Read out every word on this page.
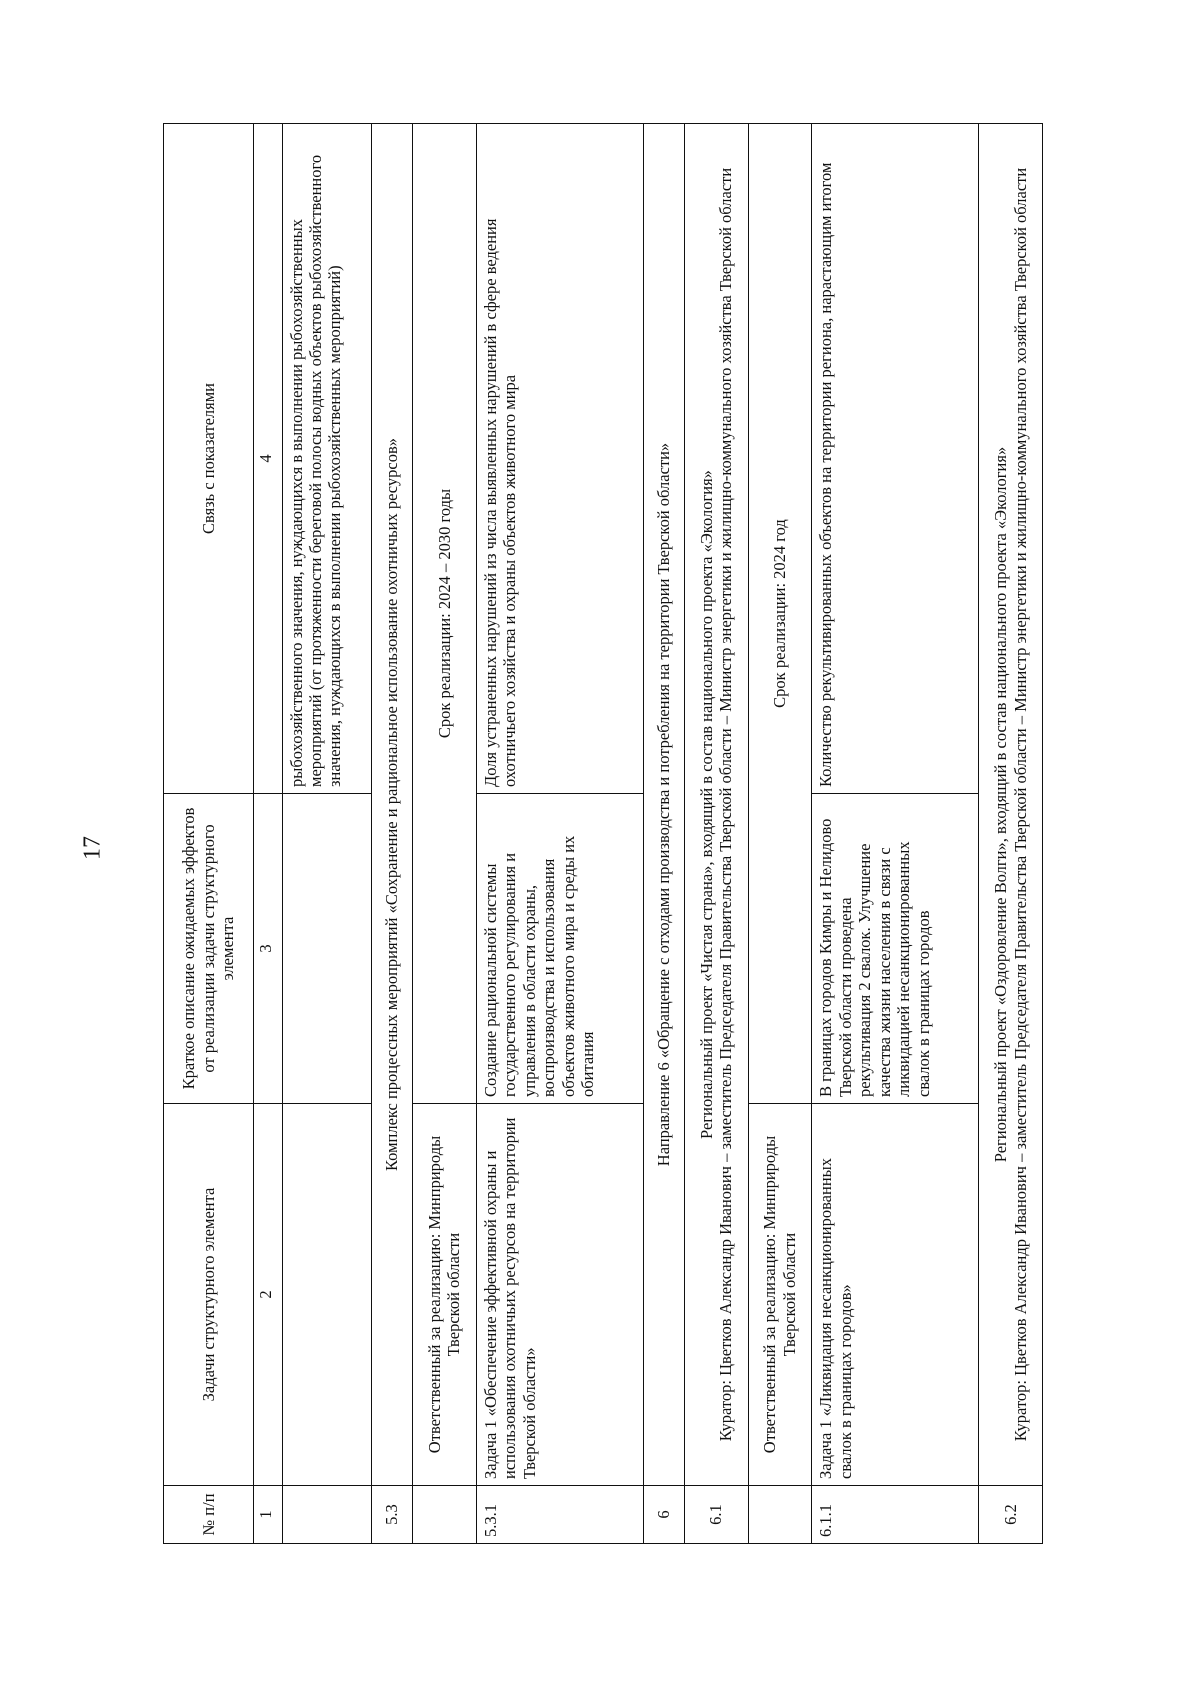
17
№ п/п	Задачи структурного элемента	Краткое описание ожидаемых эффектов от реализации задачи структурного элемента	Связь с показателями
1	2	3	4
			рыбохозяйственного значения, нуждающихся в выполнении рыбохозяйственных мероприятий (от протяженности береговой полосы водных объектов рыбохозяйственного значения, нуждающихся в выполнении рыбохозяйственных мероприятий)
5.3	Комплекс процессных мероприятий «Сохранение и рациональное использование охотничьих ресурсов»		
	Ответственный за реализацию: Минприроды Тверской области	Срок реализации: 2024 – 2030 годы	
5.3.1	Задача 1 «Обеспечение эффективной охраны и использования охотничьих ресурсов на территории Тверской области»	Создание рациональной системы государственного регулирования и управления в области охраны, воспроизводства и использования объектов животного мира и среды их обитания	Доля устраненных нарушений из числа выявленных нарушений в сфере ведения охотничьего хозяйства и охраны объектов животного мира
6	Направление 6 «Обращение с отходами производства и потребления на территории Тверской области»		
6.1	Региональный проект «Чистая страна», входящий в состав национального проекта «Экология» Куратор: Цветков Александр Иванович – заместитель Председателя Правительства Тверской области – Министр энергетики и жилищно-коммунального хозяйства Тверской области		

	Ответственный за реализацию: Минприроды Тверской области	Срок реализации: 2024 год	
6.1.1	Задача 1 «Ликвидация несанкционированных свалок в границах городов»	В границах городов Кимры и Нелидово Тверской области проведена рекультивация 2 свалок. Улучшение качества жизни населения в связи с ликвидацией несанкционированных свалок в границах городов	Количество рекультивированных объектов на территории региона, нарастающим итогом
6.2	Региональный проект «Оздоровление Волги», входящий в состав национального проекта «Экология» Куратор: Цветков Александр Иванович – заместитель Председателя Правительства Тверской области – Министр энергетики и жилищно-коммунального хозяйства Тверской области		
